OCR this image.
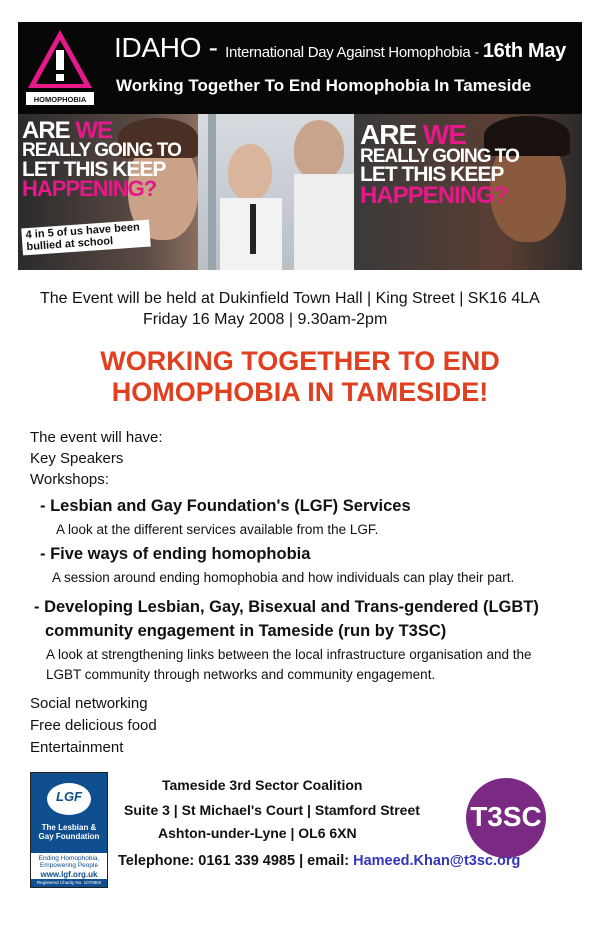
HOMOPHOBIA
IDAHO - International Day Against Homophobia - 16th May
Working Together To End Homophobia In Tameside
ARE WE
REALLY GOING TO
LET THIS KEEP
HAPPENING?
4 in 5 of us have been bullied at school
ARE WE
REALLY GOING TO
LET THIS KEEP
HAPPENING?
The Event will be held at Dukinfield Town Hall | King Street | SK16 4LA
Friday 16 May 2008 | 9.30am-2pm
WORKING TOGETHER TO END
HOMOPHOBIA IN TAMESIDE!
The event will have:
Key Speakers
Workshops:
- Lesbian and Gay Foundation's (LGF) Services
A look at the different services available from the LGF.
- Five ways of ending homophobia
A session around ending homophobia and how individuals can play their part.
- Developing Lesbian, Gay, Bisexual and Trans-gendered (LGBT)
community engagement in Tameside (run by T3SC)
A look at strengthening links between the local infrastructure organisation and the
LGBT community through networks and community engagement.
Social networking
Free delicious food
Entertainment
LGF
The Lesbian & Gay Foundation
Ending Homophobia, Empowering People
www.lgf.org.uk
Registered Charity No. 1070904
Tameside 3rd Sector Coalition
Suite 3 | St Michael's Court | Stamford Street
Ashton-under-Lyne | OL6 6XN
T3SC
Telephone: 0161 339 4985 | email: Hameed.Khan@t3sc.org
